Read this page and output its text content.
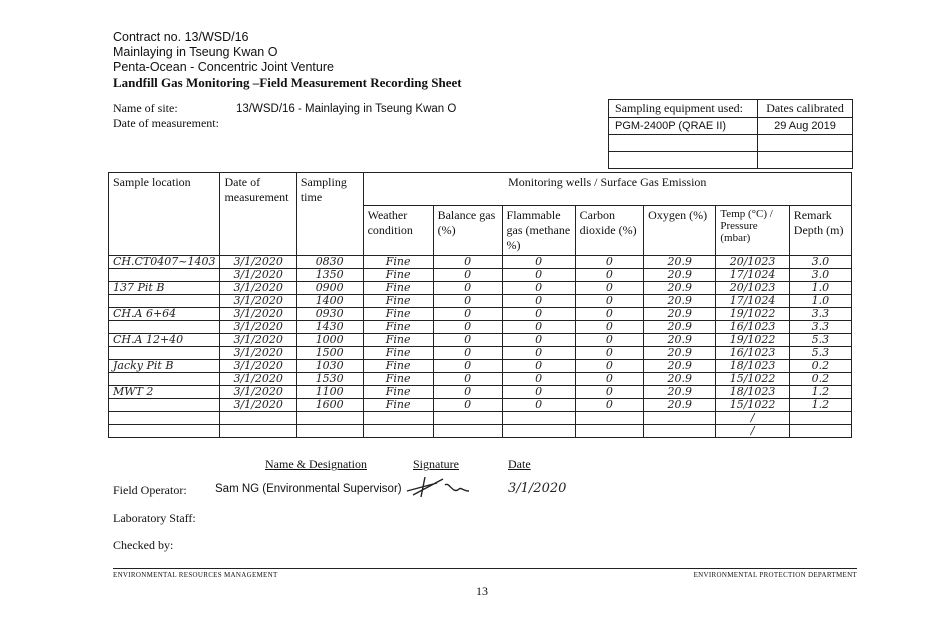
Contract no. 13/WSD/16
Mainlaying in Tseung Kwan O
Penta-Ocean - Concentric Joint Venture
Landfill Gas Monitoring –Field Measurement Recording Sheet
Name of site:	13/WSD/16 - Mainlaying in Tseung Kwan O
Date of measurement:
Sampling equipment used:	Dates calibrated
PGM-2400P (QRAE II)	29 Aug 2019

Sample location	Date of measurement	Sampling time	Monitoring wells / Surface Gas Emission						
			Weather condition	Balance gas (%)	Flammable gas (methane %)	Carbon dioxide (%)	Oxygen (%)	Temp (°C) / Pressure (mbar)	Remark Depth (m)
CH.CT0407~1403	3/1/2020	0830	Fine	0	0	0	20.9	20/1023	3.0
	3/1/2020	1350	Fine	0	0	0	20.9	17/1024	3.0
137 Pit B	3/1/2020	0900	Fine	0	0	0	20.9	20/1023	1.0
	3/1/2020	1400	Fine	0	0	0	20.9	17/1024	1.0
CH.A 6+64	3/1/2020	0930	Fine	0	0	0	20.9	19/1022	3.3
	3/1/2020	1430	Fine	0	0	0	20.9	16/1023	3.3
CH.A 12+40	3/1/2020	1000	Fine	0	0	0	20.9	19/1022	5.3
	3/1/2020	1500	Fine	0	0	0	20.9	16/1023	5.3
Jacky Pit B	3/1/2020	1030	Fine	0	0	0	20.9	18/1023	0.2
	3/1/2020	1530	Fine	0	0	0	20.9	15/1022	0.2
MWT 2	3/1/2020	1100	Fine	0	0	0	20.9	18/1023	1.2
	3/1/2020	1600	Fine	0	0	0	20.9	15/1022	1.2
								/	
								/	
Name & Designation	Signature	Date
Field Operator: Sam NG (Environmental Supervisor)	3/1/2020
Laboratory Staff:
Checked by:
ENVIRONMENTAL RESOURCES MANAGEMENT	ENVIRONMENTAL PROTECTION DEPARTMENT
13
